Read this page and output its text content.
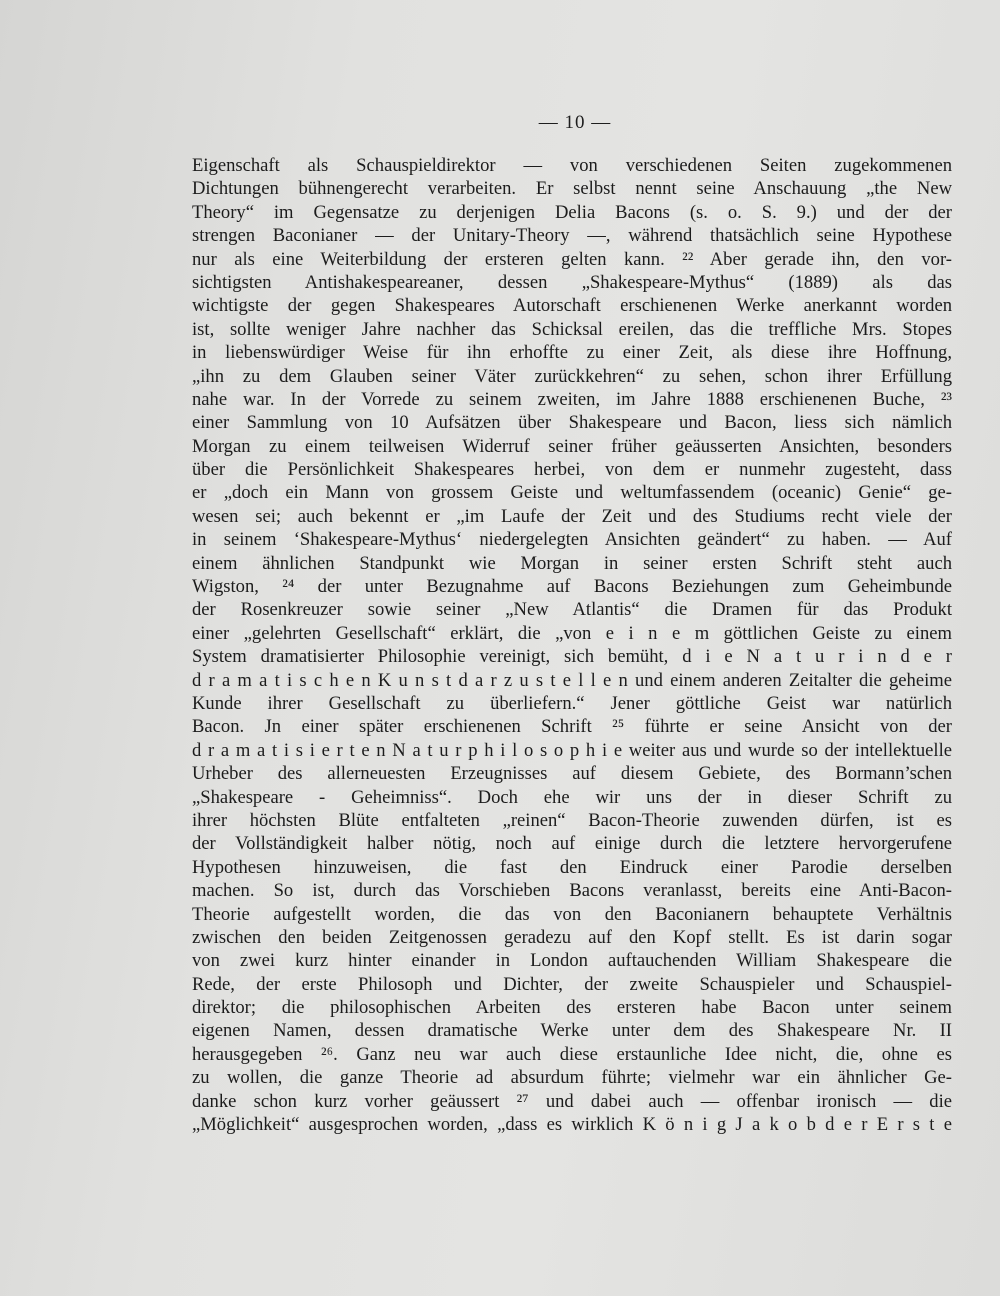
— 10 —
Eigenschaft als Schauspieldirektor — von verschiedenen Seiten zugekommenen
Dichtungen bühnengerecht verarbeiten. Er selbst nennt seine Anschauung „the New
Theory“ im Gegensatze zu derjenigen Delia Bacons (s. o. S. 9.) und der der
strengen Baconianer — der Unitary-Theory —, während thatsächlich seine Hypothese
nur als eine Weiterbildung der ersteren gelten kann. ²² Aber gerade ihn, den vor-
sichtigsten Antishakespeareaner, dessen „Shakespeare-Mythus“ (1889) als das
wichtigste der gegen Shakespeares Autorschaft erschienenen Werke anerkannt worden
ist, sollte weniger Jahre nachher das Schicksal ereilen, das die treffliche Mrs. Stopes
in liebenswürdiger Weise für ihn erhoffte zu einer Zeit, als diese ihre Hoffnung,
„ihn zu dem Glauben seiner Väter zurückkehren“ zu sehen, schon ihrer Erfüllung
nahe war. In der Vorrede zu seinem zweiten, im Jahre 1888 erschienenen Buche, ²³
einer Sammlung von 10 Aufsätzen über Shakespeare und Bacon, liess sich nämlich
Morgan zu einem teilweisen Widerruf seiner früher geäusserten Ansichten, besonders
über die Persönlichkeit Shakespeares herbei, von dem er nunmehr zugesteht, dass
er „doch ein Mann von grossem Geiste und weltumfassendem (oceanic) Genie“ ge-
wesen sei; auch bekennt er „im Laufe der Zeit und des Studiums recht viele der
in seinem ‘Shakespeare-Mythus‘ niedergelegten Ansichten geändert“ zu haben. — Auf
einem ähnlichen Standpunkt wie Morgan in seiner ersten Schrift steht auch
Wigston, ²⁴ der unter Bezugnahme auf Bacons Beziehungen zum Geheimbunde
der Rosenkreuzer sowie seiner „New Atlantis“ die Dramen für das Produkt
einer „gelehrten Gesellschaft“ erklärt, die „von e i n e m göttlichen Geiste zu einem
System dramatisierter Philosophie vereinigt, sich bemüht, d i e N a t u r i n d e r
d r a m a t i s c h e n K u n s t d a r z u s t e l l e n und einem anderen Zeitalter die geheime
Kunde ihrer Gesellschaft zu überliefern.“ Jener göttliche Geist war natürlich
Bacon. Jn einer später erschienenen Schrift ²⁵ führte er seine Ansicht von der
d r a m a t i s i e r t e n N a t u r p h i l o s o p h i e weiter aus und wurde so der intellektuelle
Urheber des allerneuesten Erzeugnisses auf diesem Gebiete, des Bormann’schen
„Shakespeare - Geheimniss“. Doch ehe wir uns der in dieser Schrift zu
ihrer höchsten Blüte entfalteten „reinen“ Bacon-Theorie zuwenden dürfen, ist es
der Vollständigkeit halber nötig, noch auf einige durch die letztere hervorgerufene
Hypothesen hinzuweisen, die fast den Eindruck einer Parodie derselben
machen. So ist, durch das Vorschieben Bacons veranlasst, bereits eine Anti-Bacon-
Theorie aufgestellt worden, die das von den Baconianern behauptete Verhältnis
zwischen den beiden Zeitgenossen geradezu auf den Kopf stellt. Es ist darin sogar
von zwei kurz hinter einander in London auftauchenden William Shakespeare die
Rede, der erste Philosoph und Dichter, der zweite Schauspieler und Schauspiel-
direktor; die philosophischen Arbeiten des ersteren habe Bacon unter seinem
eigenen Namen, dessen dramatische Werke unter dem des Shakespeare Nr. II
herausgegeben ²⁶. Ganz neu war auch diese erstaunliche Idee nicht, die, ohne es
zu wollen, die ganze Theorie ad absurdum führte; vielmehr war ein ähnlicher Ge-
danke schon kurz vorher geäussert ²⁷ und dabei auch — offenbar ironisch — die
„Möglichkeit“ ausgesprochen worden, „dass es wirklich K ö n i g J a k o b d e r E r s t e
